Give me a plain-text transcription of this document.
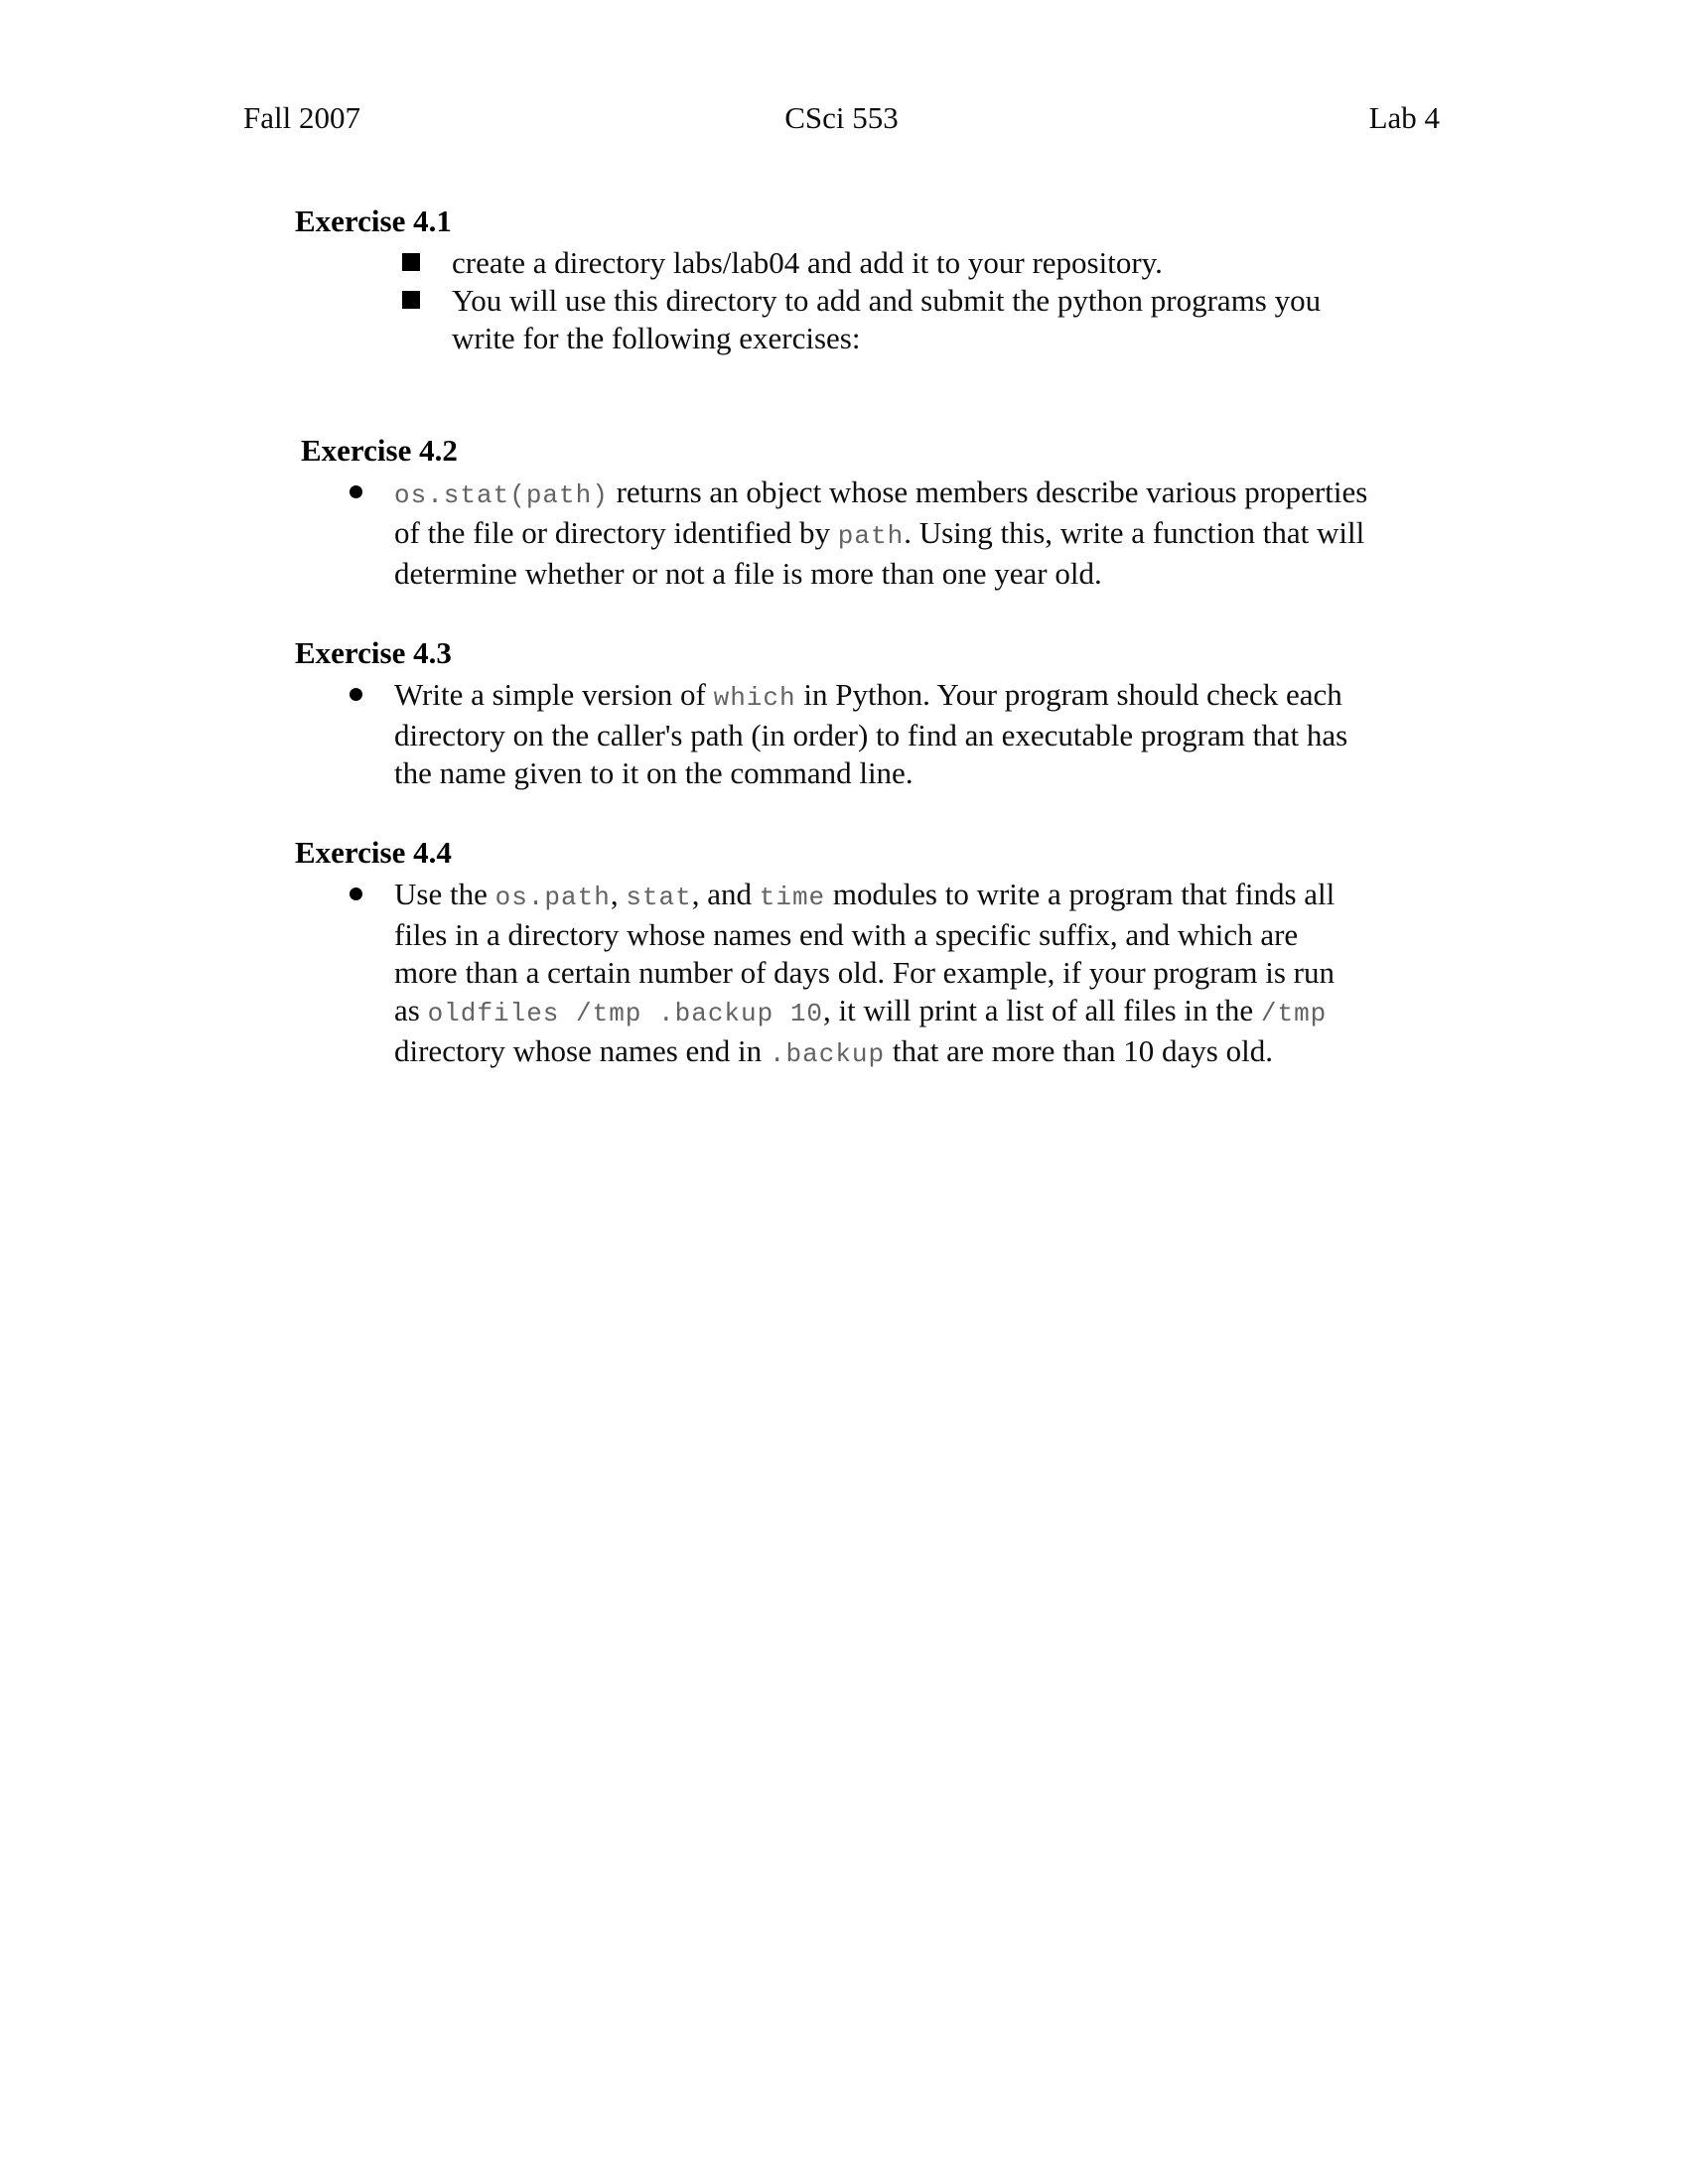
Fall 2007	CSci 553	Lab 4
Exercise 4.1
create a directory labs/lab04 and add it to your repository.
You will use this directory to add and submit the python programs you
write for the following exercises:
Exercise 4.2
os.stat(path) returns an object whose members describe various properties
of the file or directory identified by path. Using this, write a function that will
determine whether or not a file is more than one year old.
Exercise 4.3
Write a simple version of which in Python. Your program should check each
directory on the caller's path (in order) to find an executable program that has
the name given to it on the command line.
Exercise 4.4
Use the os.path, stat, and time modules to write a program that finds all
files in a directory whose names end with a specific suffix, and which are
more than a certain number of days old. For example, if your program is run
as oldfiles /tmp .backup 10, it will print a list of all files in the /tmp
directory whose names end in .backup that are more than 10 days old.
